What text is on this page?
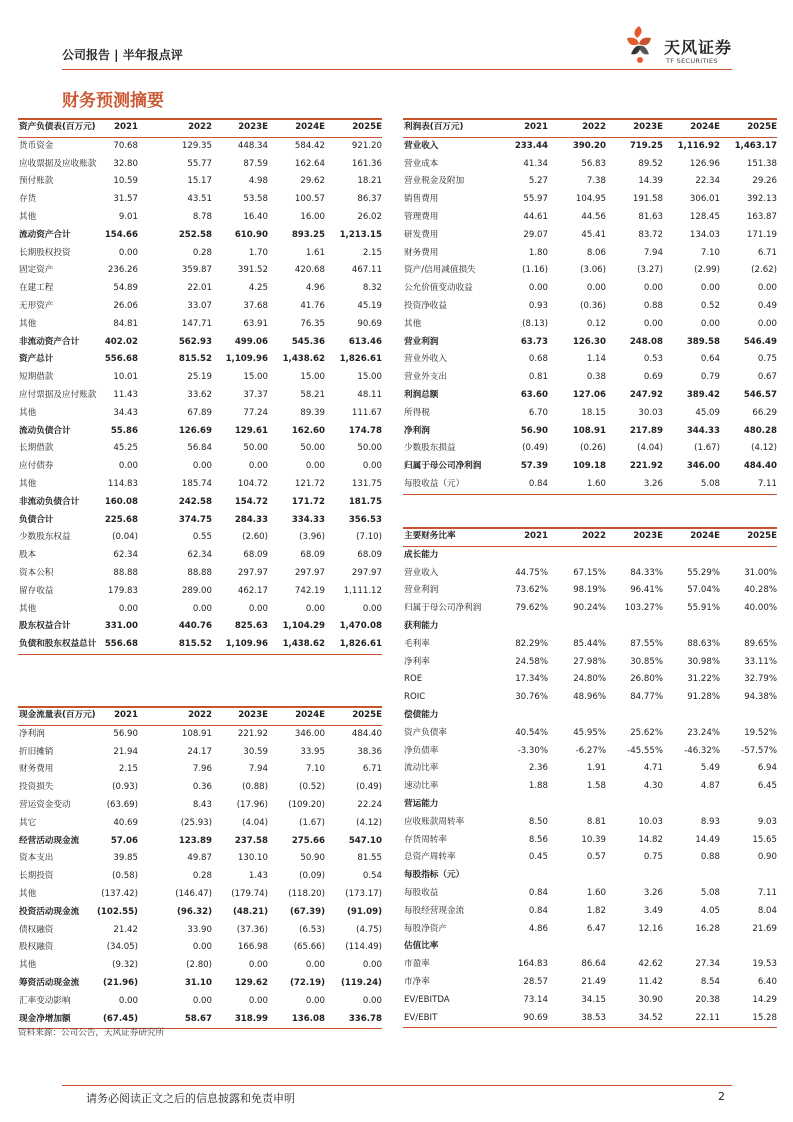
公司报告 | 半年报点评	天风证券
TF SECURITIES
财务预测摘要
资产负债表(百万元)	2021	2022	2023E	2024E	2025E
货币资金	70.68	129.35	448.34	584.42	921.20
应收票据及应收账款	32.80	55.77	87.59	162.64	161.36
预付账款	10.59	15.17	4.98	29.62	18.21
存货	31.57	43.51	53.58	100.57	86.37
其他	9.01	8.78	16.40	16.00	26.02
流动资产合计	154.66	252.58	610.90	893.25	1,213.15
长期股权投资	0.00	0.28	1.70	1.61	2.15
固定资产	236.26	359.87	391.52	420.68	467.11
在建工程	54.89	22.01	4.25	4.96	8.32
无形资产	26.06	33.07	37.68	41.76	45.19
其他	84.81	147.71	63.91	76.35	90.69
非流动资产合计	402.02	562.93	499.06	545.36	613.46
资产总计	556.68	815.52	1,109.96	1,438.62	1,826.61
短期借款	10.01	25.19	15.00	15.00	15.00
应付票据及应付账款	11.43	33.62	37.37	58.21	48.11
其他	34.43	67.89	77.24	89.39	111.67
流动负债合计	55.86	126.69	129.61	162.60	174.78
长期借款	45.25	56.84	50.00	50.00	50.00
应付债券	0.00	0.00	0.00	0.00	0.00
其他	114.83	185.74	104.72	121.72	131.75
非流动负债合计	160.08	242.58	154.72	171.72	181.75
负债合计	225.68	374.75	284.33	334.33	356.53
少数股东权益	(0.04)	0.55	(2.60)	(3.96)	(7.10)
股本	62.34	62.34	68.09	68.09	68.09
资本公积	88.88	88.88	297.97	297.97	297.97
留存收益	179.83	289.00	462.17	742.19	1,111.12
其他	0.00	0.00	0.00	0.00	0.00
股东权益合计	331.00	440.76	825.63	1,104.29	1,470.08
负债和股东权益总计 556.68	815.52	1,109.96	1,438.62	1,826.61
利润表(百万元)	2021	2022	2023E	2024E	2025E
营业收入	233.44	390.20	719.25	1,116.92	1,463.17
营业成本	41.34	56.83	89.52	126.96	151.38
营业税金及附加	5.27	7.38	14.39	22.34	29.26
销售费用	55.97	104.95	191.58	306.01	392.13
管理费用	44.61	44.56	81.63	128.45	163.87
研发费用	29.07	45.41	83.72	134.03	171.19
财务费用	1.80	8.06	7.94	7.10	6.71
资产/信用减值损失	(1.16)	(3.06)	(3.27)	(2.99)	(2.62)
公允价值变动收益	0.00	0.00	0.00	0.00	0.00
投资净收益	0.93	(0.36)	0.88	0.52	0.49
其他	(8.13)	0.12	0.00	0.00	0.00
营业利润	63.73	126.30	248.08	389.58	546.49
营业外收入	0.68	1.14	0.53	0.64	0.75
营业外支出	0.81	0.38	0.69	0.79	0.67
利润总额	63.60	127.06	247.92	389.42	546.57
所得税	6.70	18.15	30.03	45.09	66.29
净利润	56.90	108.91	217.89	344.33	480.28
少数股东损益	(0.49)	(0.26)	(4.04)	(1.67)	(4.12)
归属于母公司净利润	57.39	109.18	221.92	346.00	484.40
每股收益（元）	0.84	1.60	3.26	5.08	7.11
现金流量表(百万元)	2021	2022	2023E	2024E	2025E
净利润	56.90	108.91	221.92	346.00	484.40
折旧摊销	21.94	24.17	30.59	33.95	38.36
财务费用	2.15	7.96	7.94	7.10	6.71
投资损失	(0.93)	0.36	(0.88)	(0.52)	(0.49)
营运资金变动	(63.69)	8.43	(17.96)	(109.20)	22.24
其它	40.69	(25.93)	(4.04)	(1.67)	(4.12)
经营活动现金流	57.06	123.89	237.58	275.66	547.10
资本支出	39.85	49.87	130.10	50.90	81.55
长期投资	(0.58)	0.28	1.43	(0.09)	0.54
其他	(137.42)	(146.47)	(179.74)	(118.20)	(173.17)
投资活动现金流	(102.55)	(96.32)	(48.21)	(67.39)	(91.09)
债权融资	21.42	33.90	(37.36)	(6.53)	(4.75)
股权融资	(34.05)	0.00	166.98	(65.66)	(114.49)
其他	(9.32)	(2.80)	0.00	0.00	0.00
筹资活动现金流	(21.96)	31.10	129.62	(72.19)	(119.24)
汇率变动影响	0.00	0.00	0.00	0.00	0.00
现金净增加额	(67.45)	58.67	318.99	136.08	336.78
主要财务比率	2021	2022	2023E	2024E	2025E
成长能力
营业收入	44.75%	67.15%	84.33%	55.29%	31.00%
营业利润	73.62%	98.19%	96.41%	57.04%	40.28%
归属于母公司净利润	79.62%	90.24%	103.27%	55.91%	40.00%
获利能力
毛利率	82.29%	85.44%	87.55%	88.63%	89.65%
净利率	24.58%	27.98%	30.85%	30.98%	33.11%
ROE	17.34%	24.80%	26.80%	31.22%	32.79%
ROIC	30.76%	48.96%	84.77%	91.28%	94.38%
偿债能力
资产负债率	40.54%	45.95%	25.62%	23.24%	19.52%
净负债率	-3.30%	-6.27%	-45.55%	-46.32%	-57.57%
流动比率	2.36	1.91	4.71	5.49	6.94
速动比率	1.88	1.58	4.30	4.87	6.45
营运能力
应收账款周转率	8.50	8.81	10.03	8.93	9.03
存货周转率	8.56	10.39	14.82	14.49	15.65
总资产周转率	0.45	0.57	0.75	0.88	0.90
每股指标（元）
每股收益	0.84	1.60	3.26	5.08	7.11
每股经营现金流	0.84	1.82	3.49	4.05	8.04
每股净资产	4.86	6.47	12.16	16.28	21.69
估值比率
市盈率	164.83	86.64	42.62	27.34	19.53
市净率	28.57	21.49	11.42	8.54	6.40
EV/EBITDA	73.14	34.15	30.90	20.38	14.29
EV/EBIT	90.69	38.53	34.52	22.11	15.28
资料来源：公司公告，天风证券研究所
请务必阅读正文之后的信息披露和免责申明	2
